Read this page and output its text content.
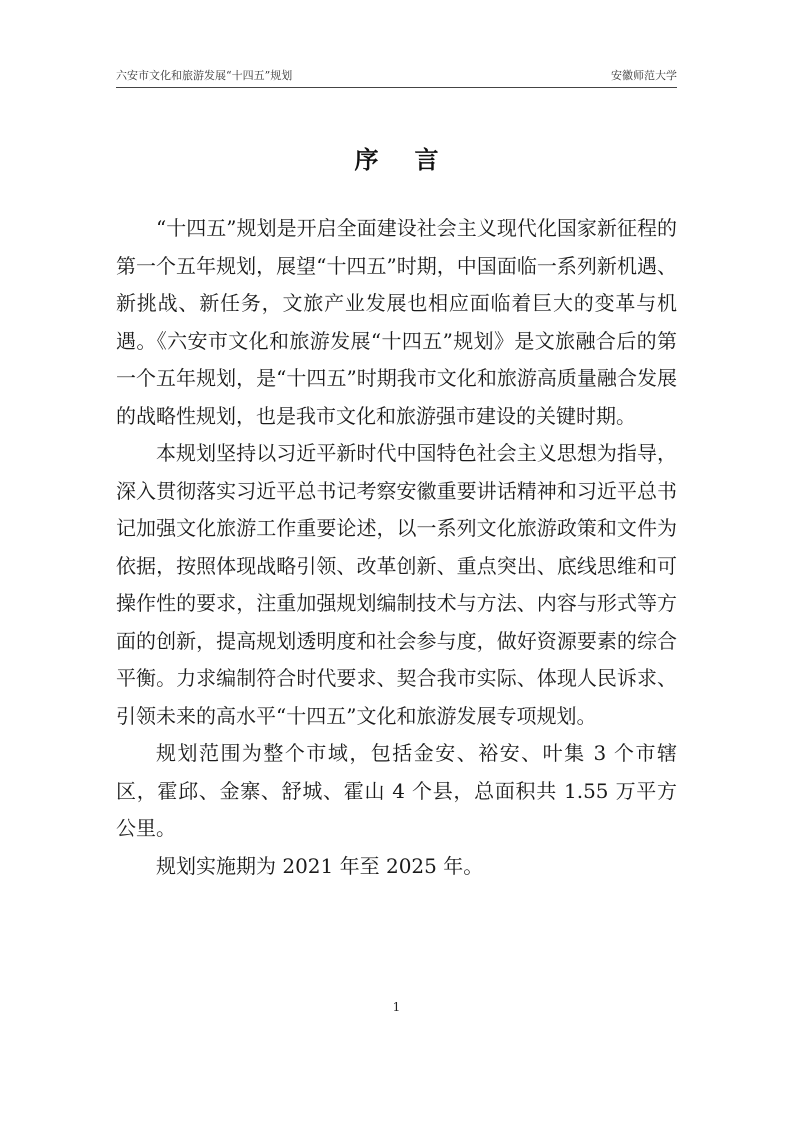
六安市文化和旅游发展“十四五”规划	安徽师范大学
序言

“十四五”规划是开启全面建设社会主义现代化国家新征程的第一个五年规划，展望“十四五”时期，中国面临一系列新机遇、新挑战、新任务，文旅产业发展也相应面临着巨大的变革与机遇。《六安市文化和旅游发展“十四五”规划》是文旅融合后的第一个五年规划，是“十四五”时期我市文化和旅游高质量融合发展的战略性规划，也是我市文化和旅游强市建设的关键时期。

本规划坚持以习近平新时代中国特色社会主义思想为指导，深入贯彻落实习近平总书记考察安徽重要讲话精神和习近平总书记加强文化旅游工作重要论述，以一系列文化旅游政策和文件为依据，按照体现战略引领、改革创新、重点突出、底线思维和可操作性的要求，注重加强规划编制技术与方法、内容与形式等方面的创新，提高规划透明度和社会参与度，做好资源要素的综合平衡。力求编制符合时代要求、契合我市实际、体现人民诉求、引领未来的高水平“十四五”文化和旅游发展专项规划。

规划范围为整个市域，包括金安、裕安、叶集 3 个市辖区，霍邱、金寨、舒城、霍山 4 个县，总面积共 1.55 万平方公里。

规划实施期为 2021 年至 2025 年。

1
